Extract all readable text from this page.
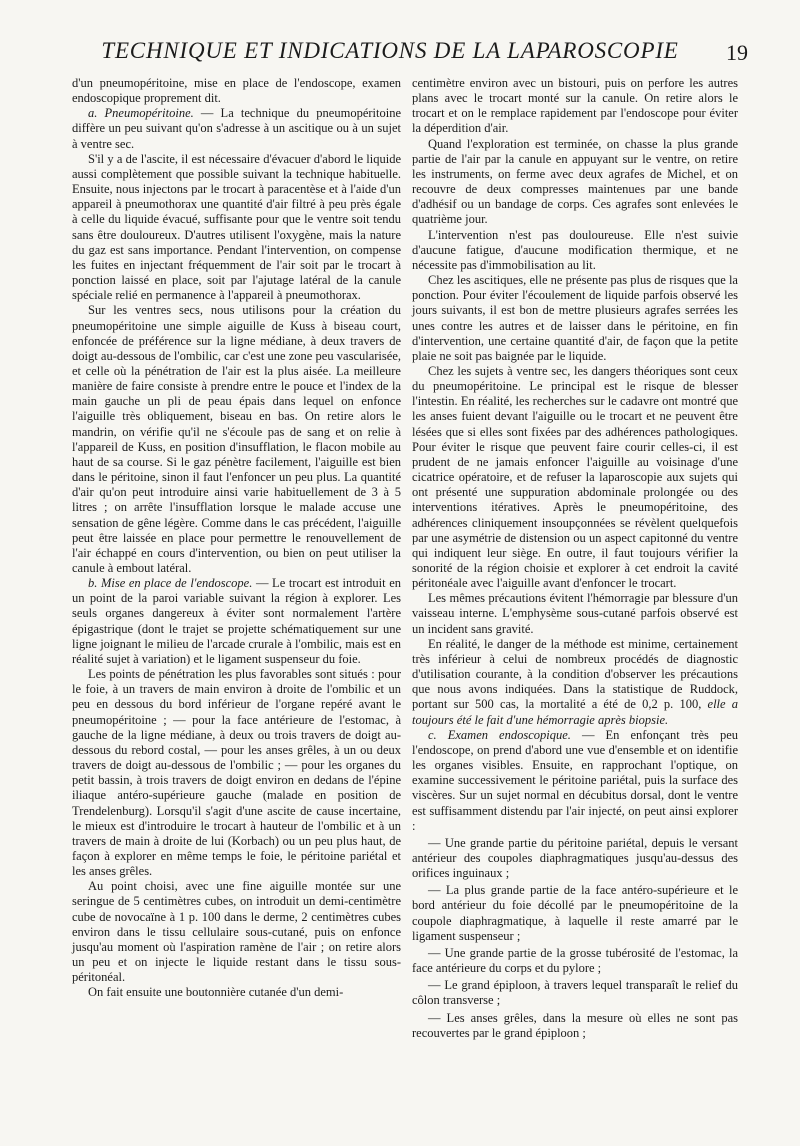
TECHNIQUE ET INDICATIONS DE LA LAPAROSCOPIE	19

d'un pneumopéritoine, mise en place de l'endoscope, examen endoscopique proprement dit.

a. Pneumopéritoine. — La technique du pneumopéritoine diffère un peu suivant qu'on s'adresse à un ascitique ou à un sujet à ventre sec.

S'il y a de l'ascite, il est nécessaire d'évacuer d'abord le liquide aussi complètement que possible suivant la technique habituelle. Ensuite, nous injectons par le trocart à paracentèse et à l'aide d'un appareil à pneumothorax une quantité d'air filtré à peu près égale à celle du liquide évacué, suffisante pour que le ventre soit tendu sans être douloureux. D'autres utilisent l'oxygène, mais la nature du gaz est sans importance. Pendant l'intervention, on compense les fuites en injectant fréquemment de l'air soit par le trocart à ponction laissé en place, soit par l'ajutage latéral de la canule spéciale relié en permanence à l'appareil à pneumothorax.

Sur les ventres secs, nous utilisons pour la création du pneumopéritoine une simple aiguille de Kuss à biseau court, enfoncée de préférence sur la ligne médiane, à deux travers de doigt au-dessous de l'ombilic, car c'est une zone peu vascularisée, et celle où la pénétration de l'air est la plus aisée. La meilleure manière de faire consiste à prendre entre le pouce et l'index de la main gauche un pli de peau épais dans lequel on enfonce l'aiguille très obliquement, biseau en bas. On retire alors le mandrin, on vérifie qu'il ne s'écoule pas de sang et on relie à l'appareil de Kuss, en position d'insufflation, le flacon mobile au haut de sa course. Si le gaz pénètre facilement, l'aiguille est bien dans le péritoine, sinon il faut l'enfoncer un peu plus. La quantité d'air qu'on peut introduire ainsi varie habituellement de 3 à 5 litres ; on arrête l'insufflation lorsque le malade accuse une sensation de gêne légère. Comme dans le cas précédent, l'aiguille peut être laissée en place pour permettre le renouvellement de l'air échappé en cours d'intervention, ou bien on peut utiliser la canule à embout latéral.

b. Mise en place de l'endoscope. — Le trocart est introduit en un point de la paroi variable suivant la région à explorer. Les seuls organes dangereux à éviter sont normalement l'artère épigastrique (dont le trajet se projette schématiquement sur une ligne joignant le milieu de l'arcade crurale à l'ombilic, mais est en réalité sujet à variation) et le ligament suspenseur du foie.

Les points de pénétration les plus favorables sont situés : pour le foie, à un travers de main environ à droite de l'ombilic et un peu en dessous du bord inférieur de l'organe repéré avant le pneumopéritoine ; — pour la face antérieure de l'estomac, à gauche de la ligne médiane, à deux ou trois travers de doigt au-dessous du rebord costal, — pour les anses grêles, à un ou deux travers de doigt au-dessous de l'ombilic ; — pour les organes du petit bassin, à trois travers de doigt environ en dedans de l'épine iliaque antéro-supérieure gauche (malade en position de Trendelenburg). Lorsqu'il s'agit d'une ascite de cause incertaine, le mieux est d'introduire le trocart à hauteur de l'ombilic et à un travers de main à droite de lui (Korbach) ou un peu plus haut, de façon à explorer en même temps le foie, le péritoine pariétal et les anses grêles.

Au point choisi, avec une fine aiguille montée sur une seringue de 5 centimètres cubes, on introduit un demi-centimètre cube de novocaïne à 1 p. 100 dans le derme, 2 centimètres cubes environ dans le tissu cellulaire sous-cutané, puis on enfonce jusqu'au moment où l'aspiration ramène de l'air ; on retire alors un peu et on injecte le liquide restant dans le tissu sous-péritonéal.

On fait ensuite une boutonnière cutanée d'un demi-

centimètre environ avec un bistouri, puis on perfore les autres plans avec le trocart monté sur la canule. On retire alors le trocart et on le remplace rapidement par l'endoscope pour éviter la déperdition d'air.

Quand l'exploration est terminée, on chasse la plus grande partie de l'air par la canule en appuyant sur le ventre, on retire les instruments, on ferme avec deux agrafes de Michel, et on recouvre de deux compresses maintenues par une bande d'adhésif ou un bandage de corps. Ces agrafes sont enlevées le quatrième jour.

L'intervention n'est pas douloureuse. Elle n'est suivie d'aucune fatigue, d'aucune modification thermique, et ne nécessite pas d'immobilisation au lit.

Chez les ascitiques, elle ne présente pas plus de risques que la ponction. Pour éviter l'écoulement de liquide parfois observé les jours suivants, il est bon de mettre plusieurs agrafes serrées les unes contre les autres et de laisser dans le péritoine, en fin d'intervention, une certaine quantité d'air, de façon que la petite plaie ne soit pas baignée par le liquide.

Chez les sujets à ventre sec, les dangers théoriques sont ceux du pneumopéritoine. Le principal est le risque de blesser l'intestin. En réalité, les recherches sur le cadavre ont montré que les anses fuient devant l'aiguille ou le trocart et ne peuvent être lésées que si elles sont fixées par des adhérences pathologiques. Pour éviter le risque que peuvent faire courir celles-ci, il est prudent de ne jamais enfoncer l'aiguille au voisinage d'une cicatrice opératoire, et de refuser la laparoscopie aux sujets qui ont présenté une suppuration abdominale prolongée ou des interventions itératives. Après le pneumopéritoine, des adhérences cliniquement insoupçonnées se révèlent quelquefois par une asymétrie de distension ou un aspect capitonné du ventre qui indiquent leur siège. En outre, il faut toujours vérifier la sonorité de la région choisie et explorer à cet endroit la cavité péritonéale avec l'aiguille avant d'enfoncer le trocart.

Les mêmes précautions évitent l'hémorragie par blessure d'un vaisseau interne. L'emphysème sous-cutané parfois observé est un incident sans gravité.

En réalité, le danger de la méthode est minime, certainement très inférieur à celui de nombreux procédés de diagnostic d'utilisation courante, à la condition d'observer les précautions que nous avons indiquées. Dans la statistique de Ruddock, portant sur 500 cas, la mortalité a été de 0,2 p. 100, elle a toujours été le fait d'une hémorragie après biopsie.

c. Examen endoscopique. — En enfonçant très peu l'endoscope, on prend d'abord une vue d'ensemble et on identifie les organes visibles. Ensuite, en rapprochant l'optique, on examine successivement le péritoine pariétal, puis la surface des viscères. Sur un sujet normal en décubitus dorsal, dont le ventre est suffisamment distendu par l'air injecté, on peut ainsi explorer :

— Une grande partie du péritoine pariétal, depuis le versant antérieur des coupoles diaphragmatiques jusqu'au-dessus des orifices inguinaux ;

— La plus grande partie de la face antéro-supérieure et le bord antérieur du foie décollé par le pneumopéritoine de la coupole diaphragmatique, à laquelle il reste amarré par le ligament suspenseur ;

— Une grande partie de la grosse tubérosité de l'estomac, la face antérieure du corps et du pylore ;

— Le grand épiploon, à travers lequel transparaît le relief du côlon transverse ;

— Les anses grêles, dans la mesure où elles ne sont pas recouvertes par le grand épiploon ;
